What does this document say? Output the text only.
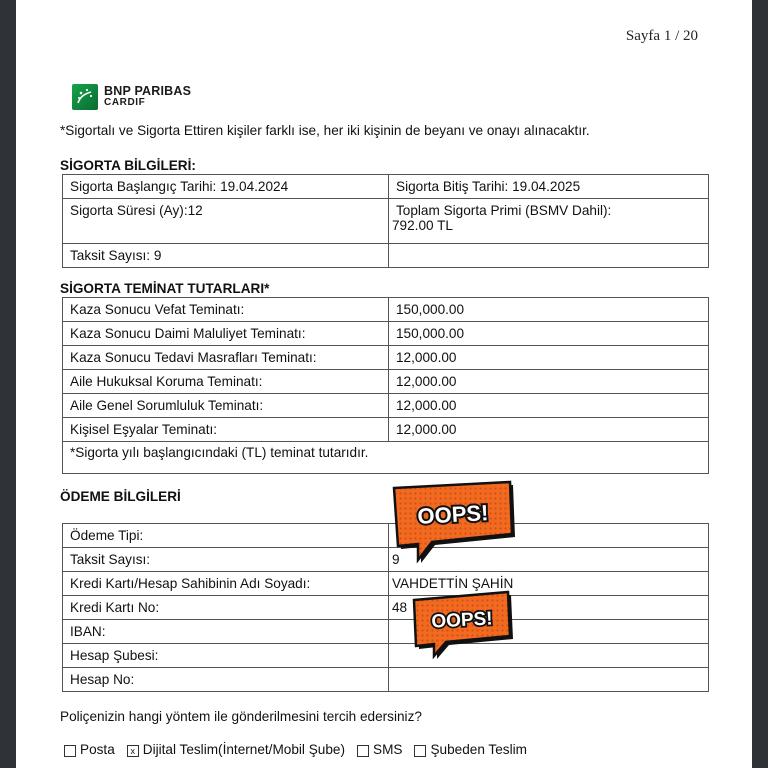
Sayfa 1 / 20
BNP PARIBAS
CARDIF
*Sigortalı ve Sigorta Ettiren kişiler farklı ise, her iki kişinin de beyanı ve onayı alınacaktır.
SİGORTA BİLGİLERİ:
Sigorta Başlangıç Tarihi: 19.04.2024	Sigorta Bitiş Tarihi: 19.04.2025
Sigorta Süresi (Ay):12	Toplam Sigorta Primi (BSMV Dahil):
792.00 TL

Taksit Sayısı: 9	
SİGORTA TEMİNAT TUTARLARI*
Kaza Sonucu Vefat Teminatı:	150,000.00
Kaza Sonucu Daimi Maluliyet Teminatı:	150,000.00
Kaza Sonucu Tedavi Masrafları Teminatı:	12,000.00
Aile Hukuksal Koruma Teminatı:	12,000.00
Aile Genel Sorumluluk Teminatı:	12,000.00
Kişisel Eşyalar Teminatı:	12,000.00
*Sigorta yılı başlangıcındaki (TL) teminat tutarıdır.	
ÖDEME BİLGİLERİ
Ödeme Tipi:	
Taksit Sayısı:	9
Kredi Kartı/Hesap Sahibinin Adı Soyadı:	VAHDETTİN ŞAHİN
Kredi Kartı No:	48

IBAN:	
Hesap Şubesi:	
Hesap No:	
OOPS!
OOPS!
Poliçenizin hangi yöntem ile gönderilmesini tercih edersiniz?
Posta	x Dijital Teslim(İnternet/Mobil Şube) SMS Şubeden Teslim
